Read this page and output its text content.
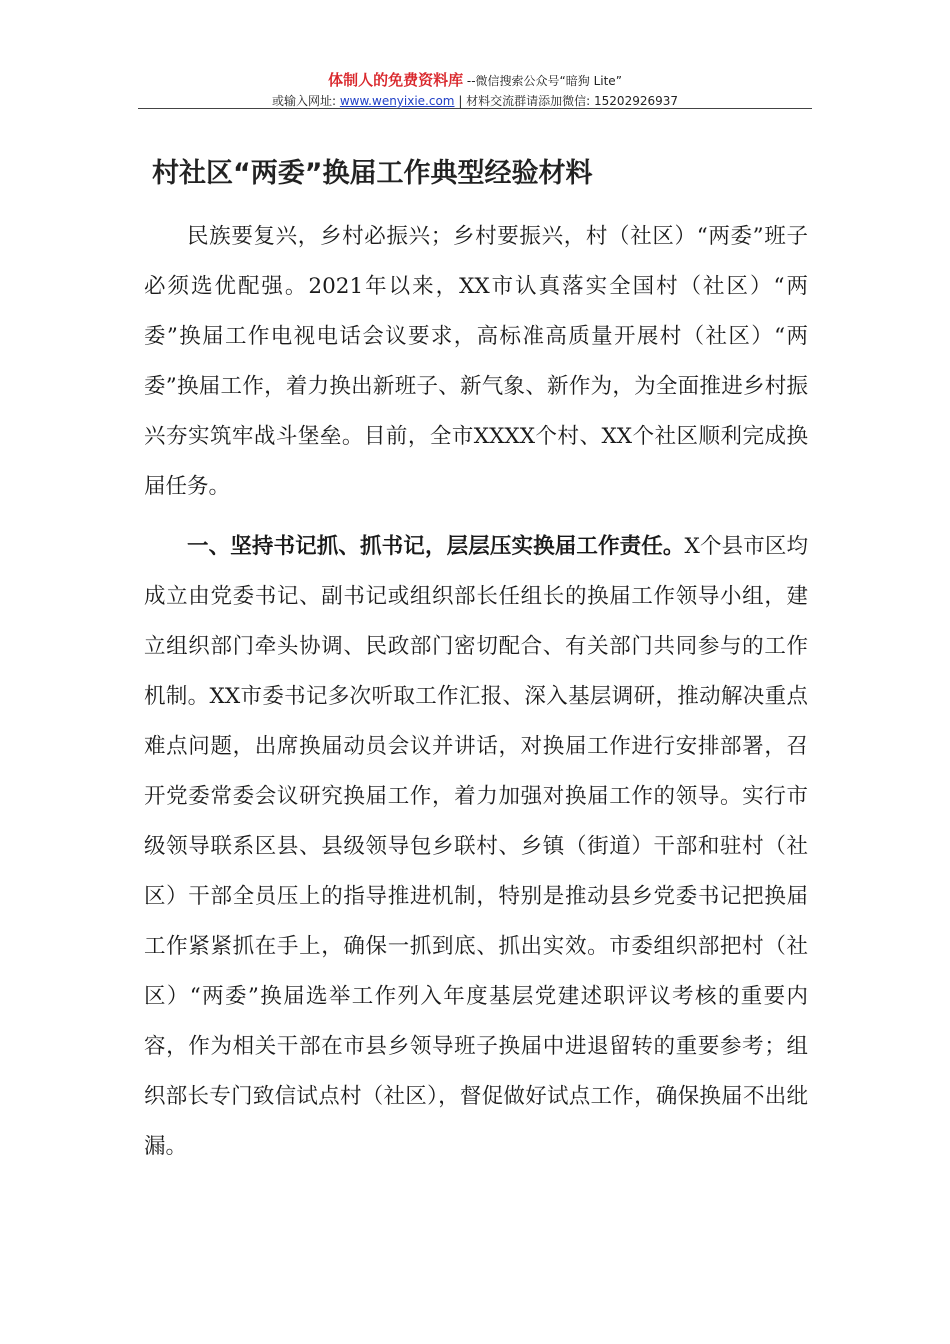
体制人的免费资料库 --微信搜索公众号“暗狗 Lite”
或输入网址: www.wenyixie.com | 材料交流群请添加微信: 15202926937
村社区“两委”换届工作典型经验材料

民族要复兴，乡村必振兴；乡村要振兴，村（社区）“两委”班子必须选优配强。2021年以来，XX市认真落实全国村（社区）“两委”换届工作电视电话会议要求，高标准高质量开展村（社区）“两委”换届工作，着力换出新班子、新气象、新作为，为全面推进乡村振兴夯实筑牢战斗堡垒。目前，全市XXXX个村、XX个社区顺利完成换届任务。

一、坚持书记抓、抓书记，层层压实换届工作责任。X个县市区均成立由党委书记、副书记或组织部长任组长的换届工作领导小组，建立组织部门牵头协调、民政部门密切配合、有关部门共同参与的工作机制。XX市委书记多次听取工作汇报、深入基层调研，推动解决重点难点问题，出席换届动员会议并讲话，对换届工作进行安排部署，召开党委常委会议研究换届工作，着力加强对换届工作的领导。实行市级领导联系区县、县级领导包乡联村、乡镇（街道）干部和驻村（社区）干部全员压上的指导推进机制，特别是推动县乡党委书记把换届工作紧紧抓在手上，确保一抓到底、抓出实效。市委组织部把村（社区）“两委”换届选举工作列入年度基层党建述职评议考核的重要内容，作为相关干部在市县乡领导班子换届中进退留转的重要参考；组织部长专门致信试点村（社区），督促做好试点工作，确保换届不出纰漏。
